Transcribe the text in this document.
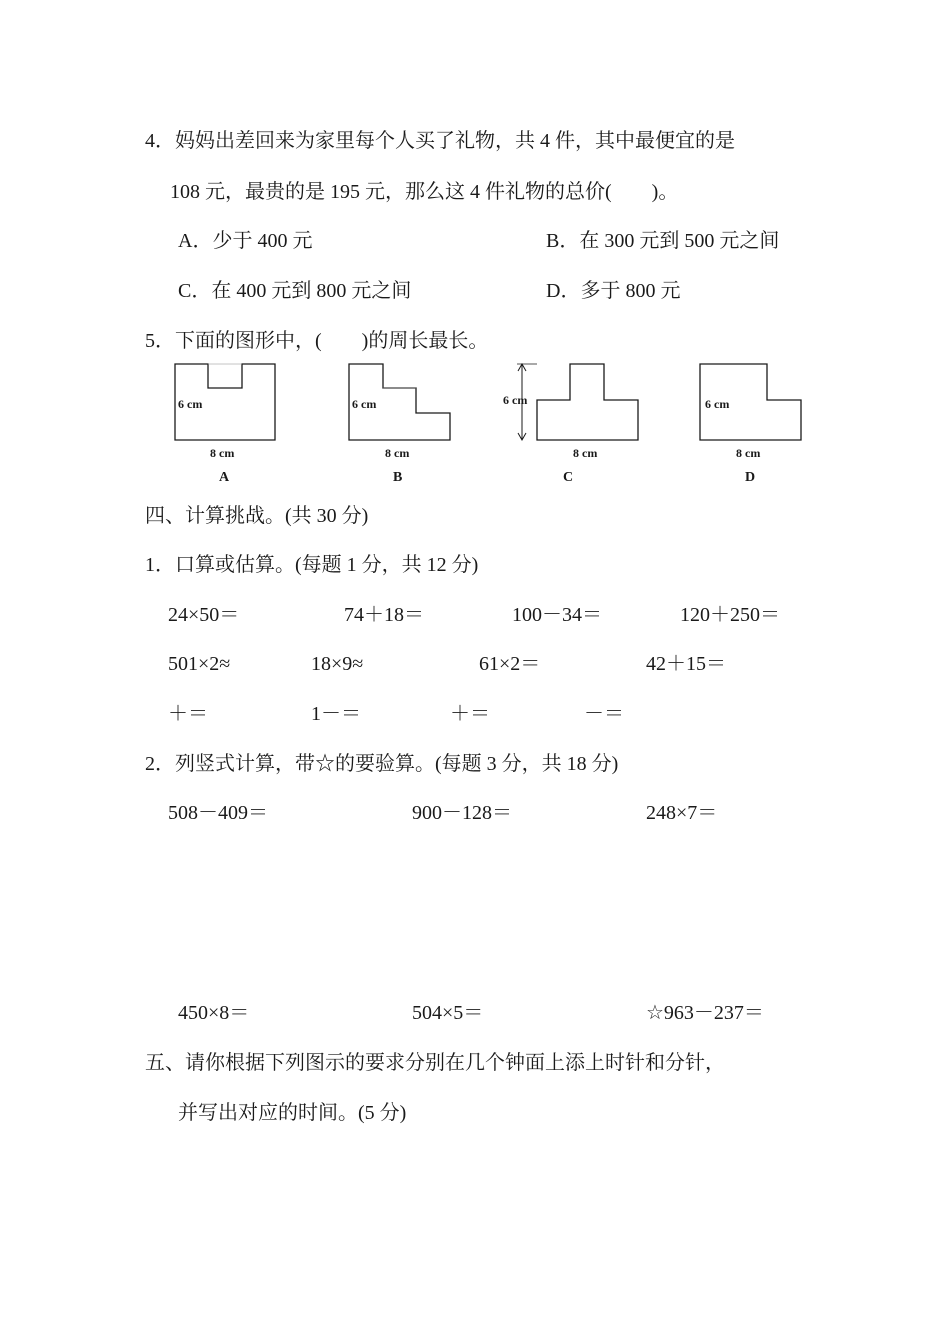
4．妈妈出差回来为家里每个人买了礼物，共 4 件，其中最便宜的是
108 元，最贵的是 195 元，那么这 4 件礼物的总价(　　)。
A．少于 400 元	B．在 300 元到 500 元之间
C．在 400 元到 800 元之间	D．多于 800 元
5．下面的图形中，(　　)的周长最长。
6 cm
8 cm
A
6 cm
8 cm
B
6 cm
8 cm
C
6 cm
8 cm
D
四、计算挑战。(共 30 分)
1．口算或估算。(每题 1 分，共 12 分)
24×50＝	74＋18＝	100－34＝	120＋250＝
501×2≈	18×9≈	61×2＝	42＋15＝
＋＝	1－＝	＋＝	－＝
2．列竖式计算，带☆的要验算。(每题 3 分，共 18 分)
508－409＝	900－128＝	248×7＝
450×8＝	504×5＝	☆963－237＝
五、请你根据下列图示的要求分别在几个钟面上添上时针和分针，
并写出对应的时间。(5 分)
